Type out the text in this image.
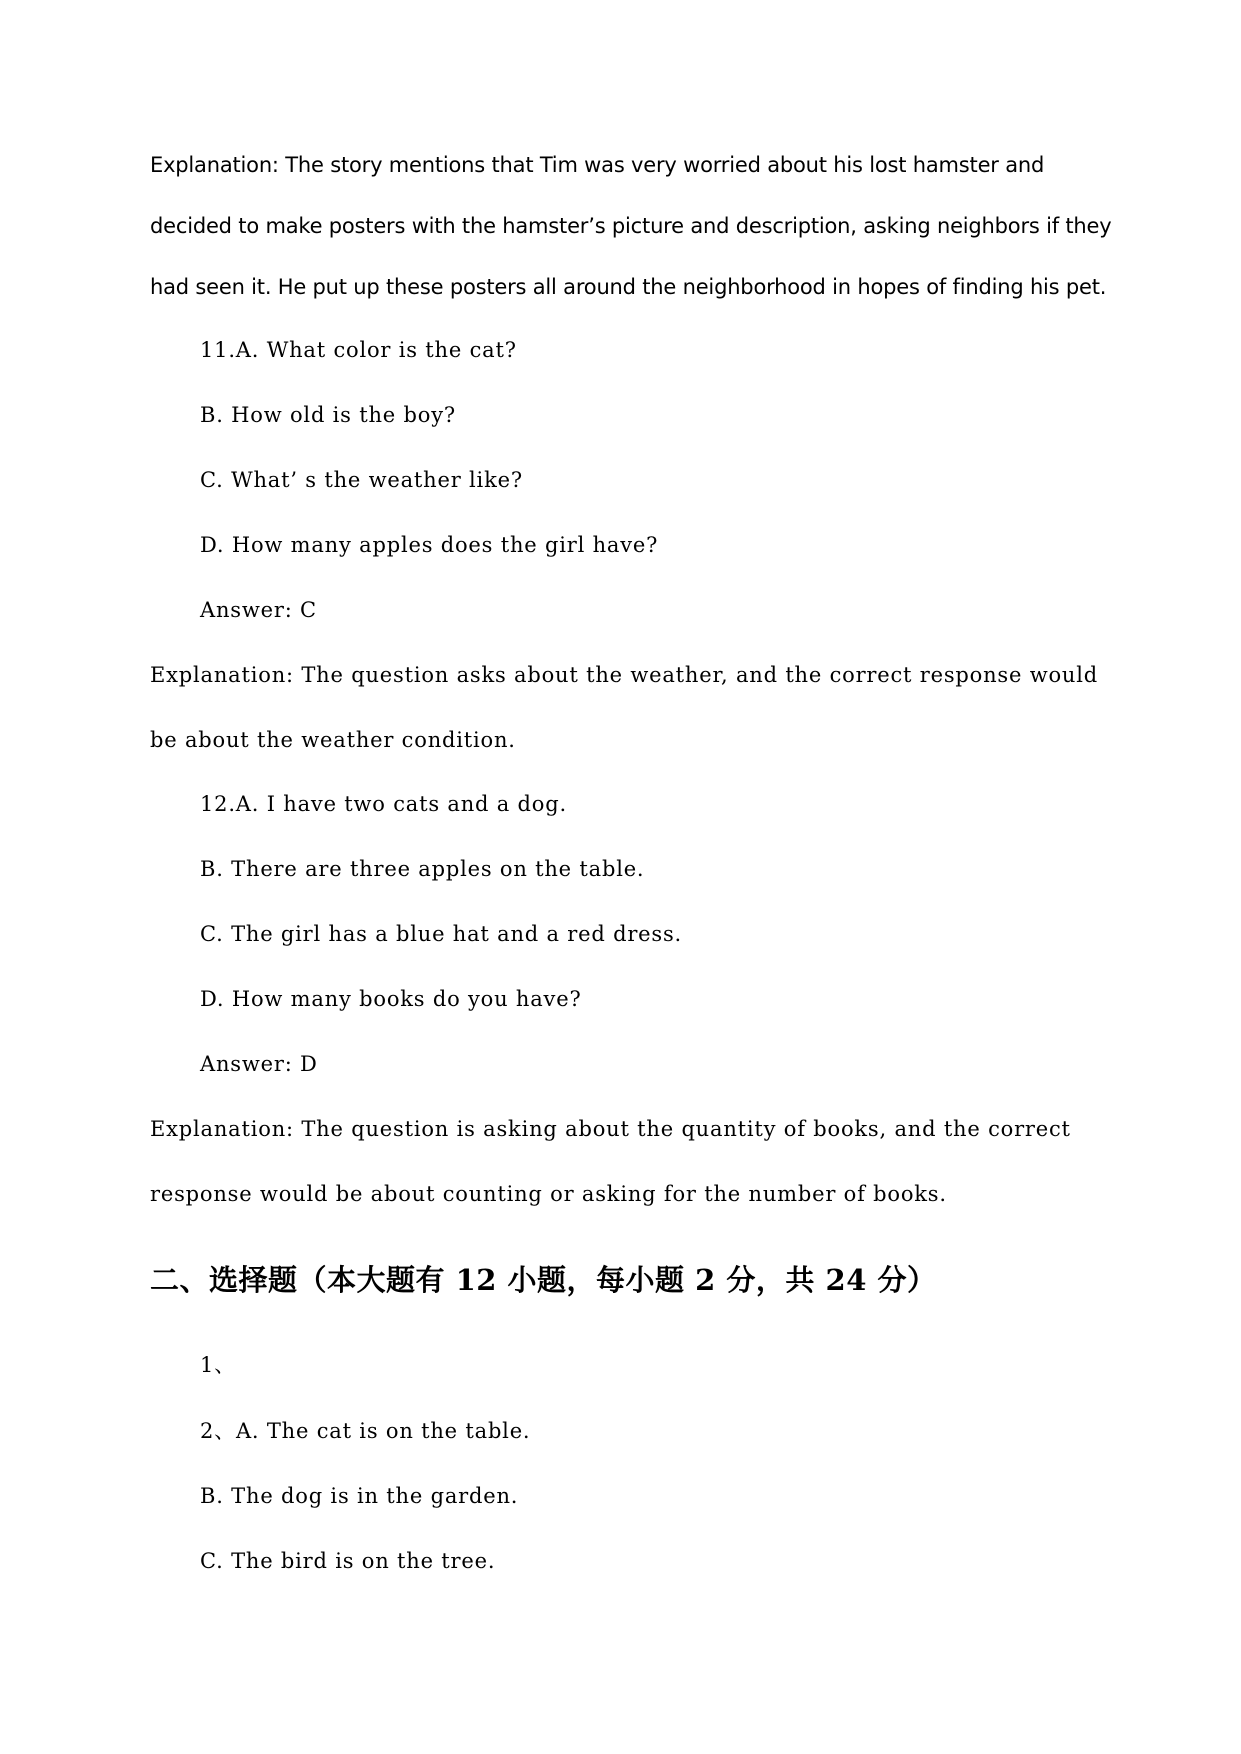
Explanation: The story mentions that Tim was very worried about his lost hamster and
decided to make posters with the hamster’s picture and description, asking neighbors if they
had seen it. He put up these posters all around the neighborhood in hopes of finding his pet.
11.A. What color is the cat?
B. How old is the boy?
C. What’ s the weather like?
D. How many apples does the girl have?
Answer: C
Explanation: The question asks about the weather, and the correct response would
be about the weather condition.
12.A. I have two cats and a dog.
B. There are three apples on the table.
C. The girl has a blue hat and a red dress.
D. How many books do you have?
Answer: D
Explanation: The question is asking about the quantity of books, and the correct
response would be about counting or asking for the number of books.
二、选择题（本大题有 12 小题，每小题 2 分，共 24 分）
1、
2、A. The cat is on the table.
B. The dog is in the garden.
C. The bird is on the tree.
